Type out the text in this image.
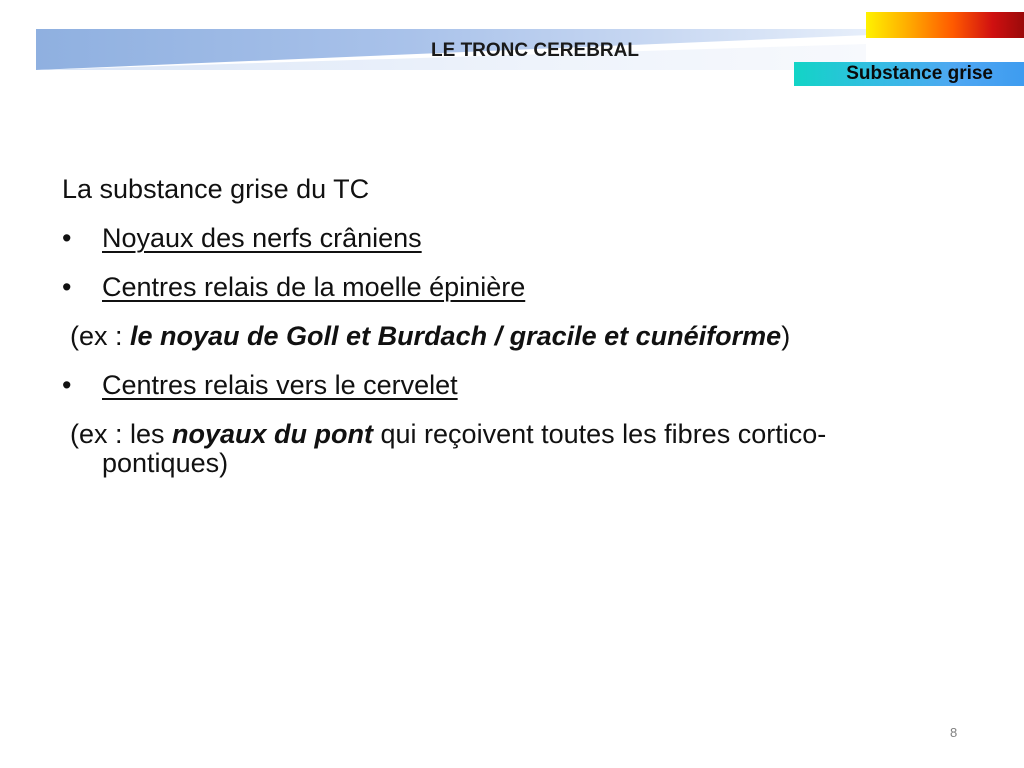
LE TRONC CEREBRAL
Substance grise
La substance grise du TC
•	Noyaux des nerfs crâniens
•	Centres relais de la moelle épinière
(ex : le noyau de Goll et Burdach / gracile et cunéiforme)
•	Centres relais vers le cervelet
(ex : les noyaux du pont qui reçoivent toutes les fibres cortico-
pontiques)
8
